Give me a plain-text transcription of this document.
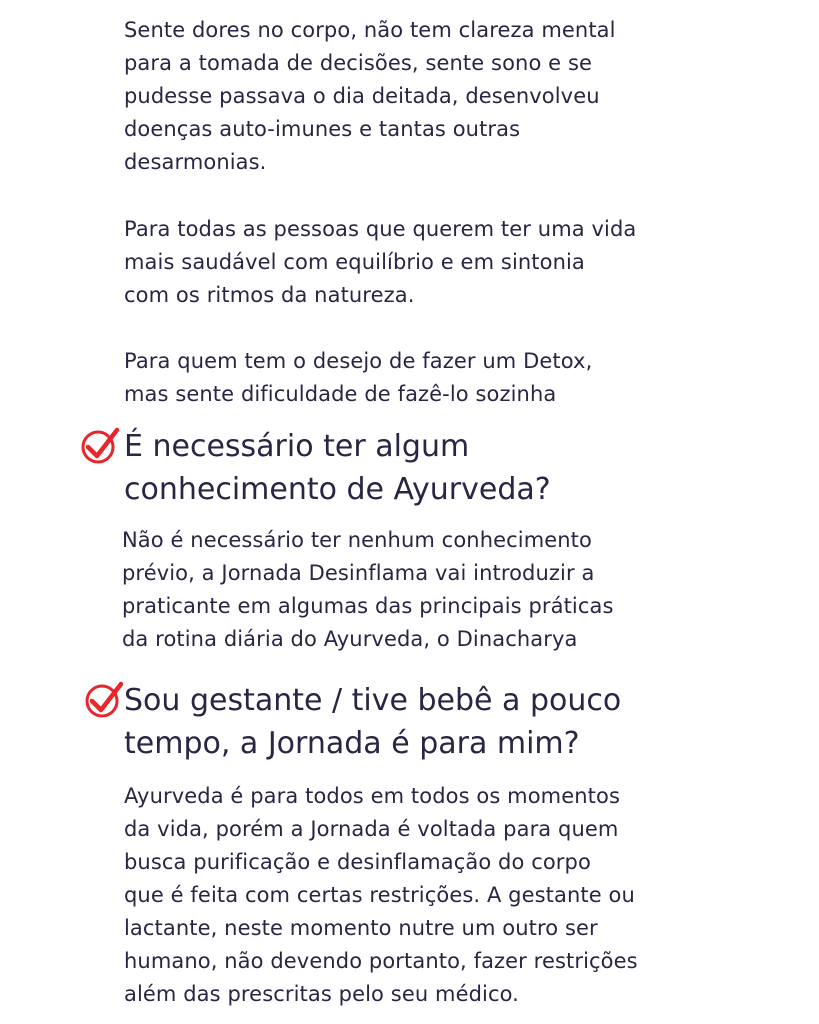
Sente dores no corpo, não tem clareza mental
para a tomada de decisões, sente sono e se
pudesse passava o dia deitada, desenvolveu
doenças auto-imunes e tantas outras
desarmonias.

Para todas as pessoas que querem ter uma vida
mais saudável com equilíbrio e em sintonia
com os ritmos da natureza.

Para quem tem o desejo de fazer um Detox,
mas sente dificuldade de fazê-lo sozinha

É necessário ter algum
conhecimento de Ayurveda?

Não é necessário ter nenhum conhecimento
prévio, a Jornada Desinflama vai introduzir a
praticante em algumas das principais práticas
da rotina diária do Ayurveda, o Dinacharya

Sou gestante / tive bebê a pouco
tempo, a Jornada é para mim?

Ayurveda é para todos em todos os momentos
da vida, porém a Jornada é voltada para quem
busca purificação e desinflamação do corpo
que é feita com certas restrições. A gestante ou
lactante, neste momento nutre um outro ser
humano, não devendo portanto, fazer restrições
além das prescritas pelo seu médico.
